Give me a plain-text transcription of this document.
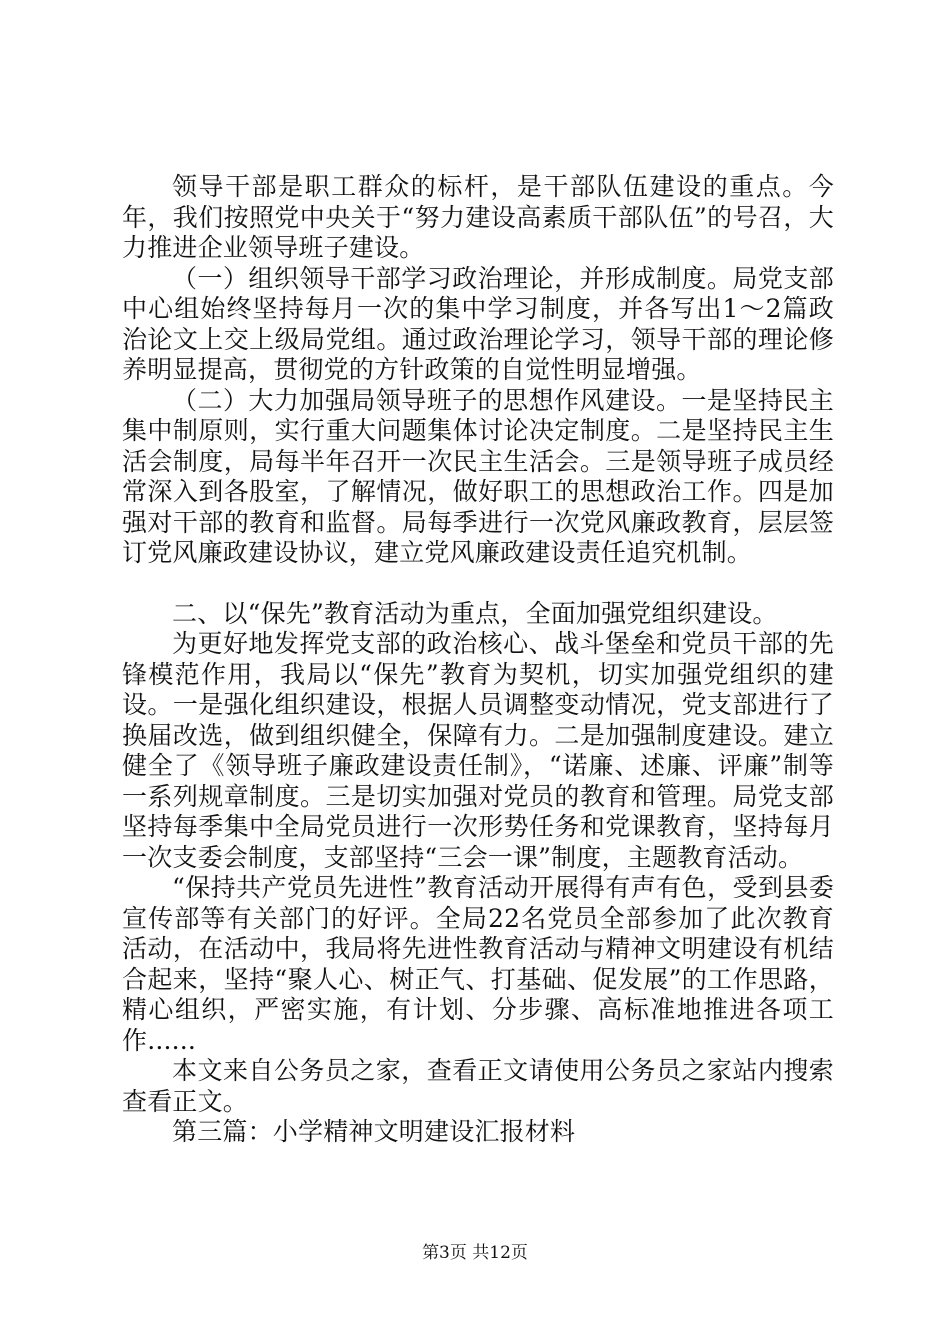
领导干部是职工群众的标杆，是干部队伍建设的重点。今年，我们按照党中央关于“努力建设高素质干部队伍”的号召，大力推进企业领导班子建设。

（一）组织领导干部学习政治理论，并形成制度。局党支部中心组始终坚持每月一次的集中学习制度，并各写出1～2篇政治论文上交上级局党组。通过政治理论学习，领导干部的理论修养明显提高，贯彻党的方针政策的自觉性明显增强。

（二）大力加强局领导班子的思想作风建设。一是坚持民主集中制原则，实行重大问题集体讨论决定制度。二是坚持民主生活会制度，局每半年召开一次民主生活会。三是领导班子成员经常深入到各股室，了解情况，做好职工的思想政治工作。四是加强对干部的教育和监督。局每季进行一次党风廉政教育，层层签订党风廉政建设协议，建立党风廉政建设责任追究机制。

二、以“保先”教育活动为重点，全面加强党组织建设。

为更好地发挥党支部的政治核心、战斗堡垒和党员干部的先锋模范作用，我局以“保先”教育为契机，切实加强党组织的建设。一是强化组织建设，根据人员调整变动情况，党支部进行了换届改选，做到组织健全，保障有力。二是加强制度建设。建立健全了《领导班子廉政建设责任制》，“诺廉、述廉、评廉”制等一系列规章制度。三是切实加强对党员的教育和管理。局党支部坚持每季集中全局党员进行一次形势任务和党课教育，坚持每月一次支委会制度，支部坚持“三会一课”制度，主题教育活动。

“保持共产党员先进性”教育活动开展得有声有色，受到县委宣传部等有关部门的好评。全局22名党员全部参加了此次教育活动，在活动中，我局将先进性教育活动与精神文明建设有机结合起来，坚持“聚人心、树正气、打基础、促发展”的工作思路，精心组织，严密实施，有计划、分步骤、高标准地推进各项工作......

本文来自公务员之家，查看正文请使用公务员之家站内搜索查看正文。

第三篇：小学精神文明建设汇报材料

第3页 共12页
